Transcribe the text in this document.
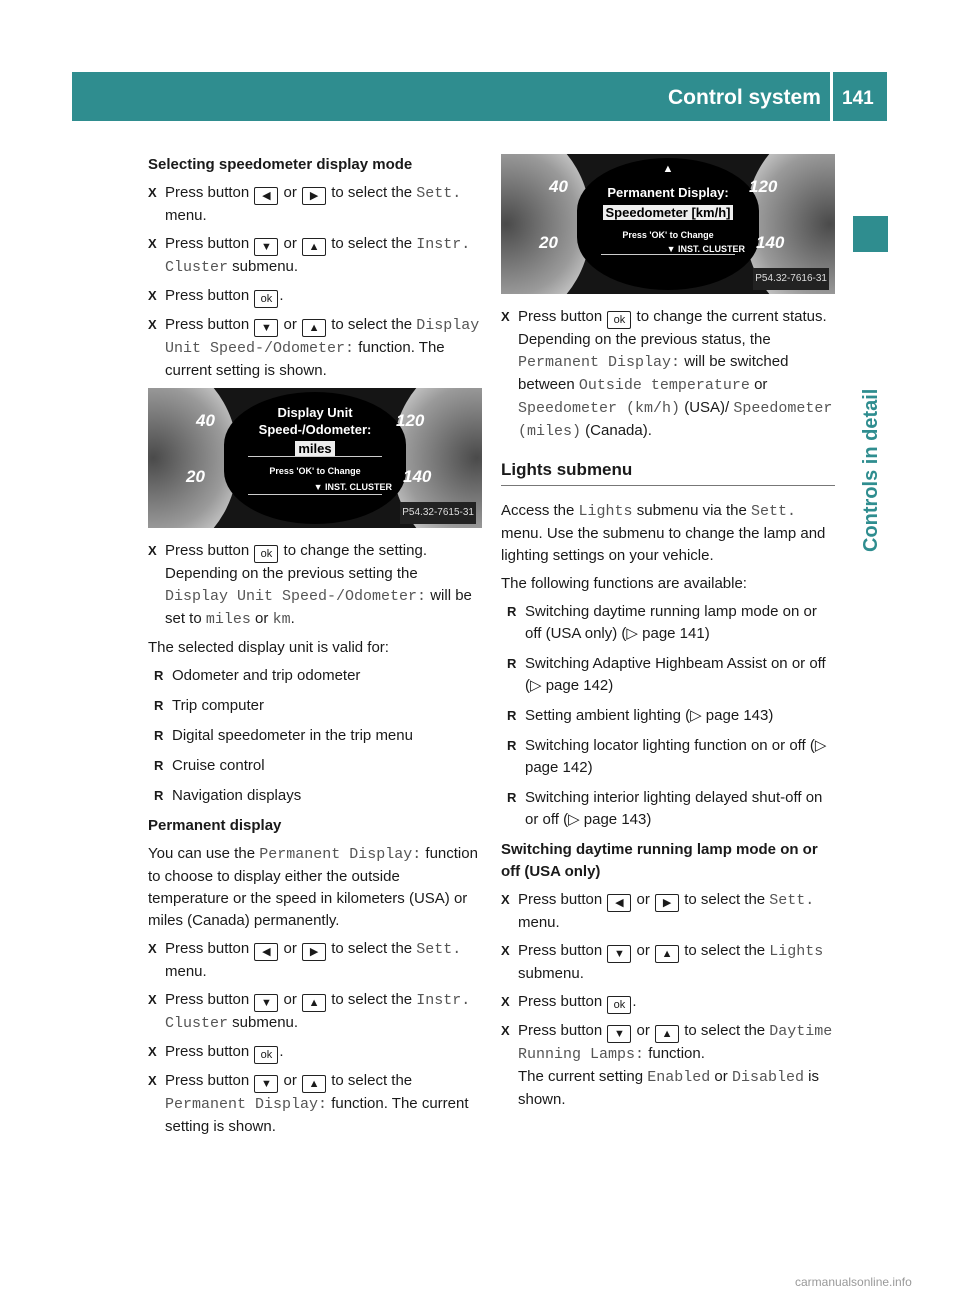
Control system 141
Controls in detail
Selecting speedometer display mode
X Press button ◀ or ▶ to select the Sett. menu.
X Press button ▼ or ▲ to select the Instr. Cluster submenu.
X Press button ok .
X Press button ▼ or ▲ to select the Display Unit Speed-/Odometer: function. The current setting is shown.
40
20
120
140
Display Unit
Speed-/Odometer:
miles
Press 'OK' to Change
▼ INST. CLUSTER
P54.32-7615-31
X Press button ok to change the setting. Depending on the previous setting the Display Unit Speed-/Odometer: will be set to miles or km.
The selected display unit is valid for:
R Odometer and trip odometer
R Trip computer
R Digital speedometer in the trip menu
R Cruise control
R Navigation displays
Permanent display
You can use the Permanent Display: function to choose to display either the outside temperature or the speed in kilometers (USA) or miles (Canada) permanently.
X Press button ◀ or ▶ to select the Sett. menu.
X Press button ▼ or ▲ to select the Instr. Cluster submenu.
X Press button ok .
X Press button ▼ or ▲ to select the Permanent Display: function. The current setting is shown.
40
20
120
140
▲
Permanent Display:
Speedometer [km/h]
Press 'OK' to Change
▼ INST. CLUSTER
P54.32-7616-31
X Press button ok to change the current status. Depending on the previous status, the Permanent Display: will be switched between Outside temperature or Speedometer (km/h) (USA)/ Speedometer (miles) (Canada).
Lights submenu
Access the Lights submenu via the Sett. menu. Use the submenu to change the lamp and lighting settings on your vehicle.
The following functions are available:
R Switching daytime running lamp mode on or off (USA only) (▷ page 141)
R Switching Adaptive Highbeam Assist on or off (▷ page 142)
R Setting ambient lighting (▷ page 143)
R Switching locator lighting function on or off (▷ page 142)
R Switching interior lighting delayed shut-off on or off (▷ page 143)
Switching daytime running lamp mode on or off (USA only)
X Press button ◀ or ▶ to select the Sett. menu.
X Press button ▼ or ▲ to select the Lights submenu.
X Press button ok .
X Press button ▼ or ▲ to select the Daytime Running Lamps: function.
The current setting Enabled or Disabled is shown.
carmanualsonline.info
